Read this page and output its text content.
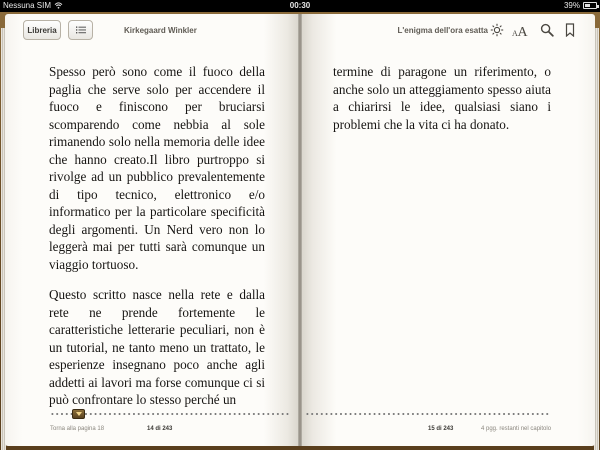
Nessuna SIM	00:30	39%
Libreria	Kirkegaard Winkler	L'enigma dell'ora esatta	A A

Spesso però sono come il fuoco della paglia che serve solo per accendere il fuoco e finiscono per bruciarsi scomparendo come nebbia al sole rimanendo solo nella memoria delle idee che hanno creato.Il libro purtroppo si rivolge ad un pubblico prevalentemente di tipo tecnico, elettronico e/o informatico per la particolare specificità degli argomenti. Un Nerd vero non lo leggerà mai per tutti sarà comunque un viaggio tortuoso.

Questo scritto nasce nella rete e dalla rete ne prende fortemente le caratteristiche letterarie peculiari, non è un tutorial, ne tanto meno un trattato, le esperienze insegnano poco anche agli addetti ai lavori ma forse comunque ci si può confrontare lo stesso perché un

termine di paragone un riferimento, o anche solo un atteggiamento spesso aiuta a chiarirsi le idee, qualsiasi siano i problemi che la vita ci ha donato.

Torna alla pagina 18	14 di 243	15 di 243	4 pgg. restanti nel capitolo
